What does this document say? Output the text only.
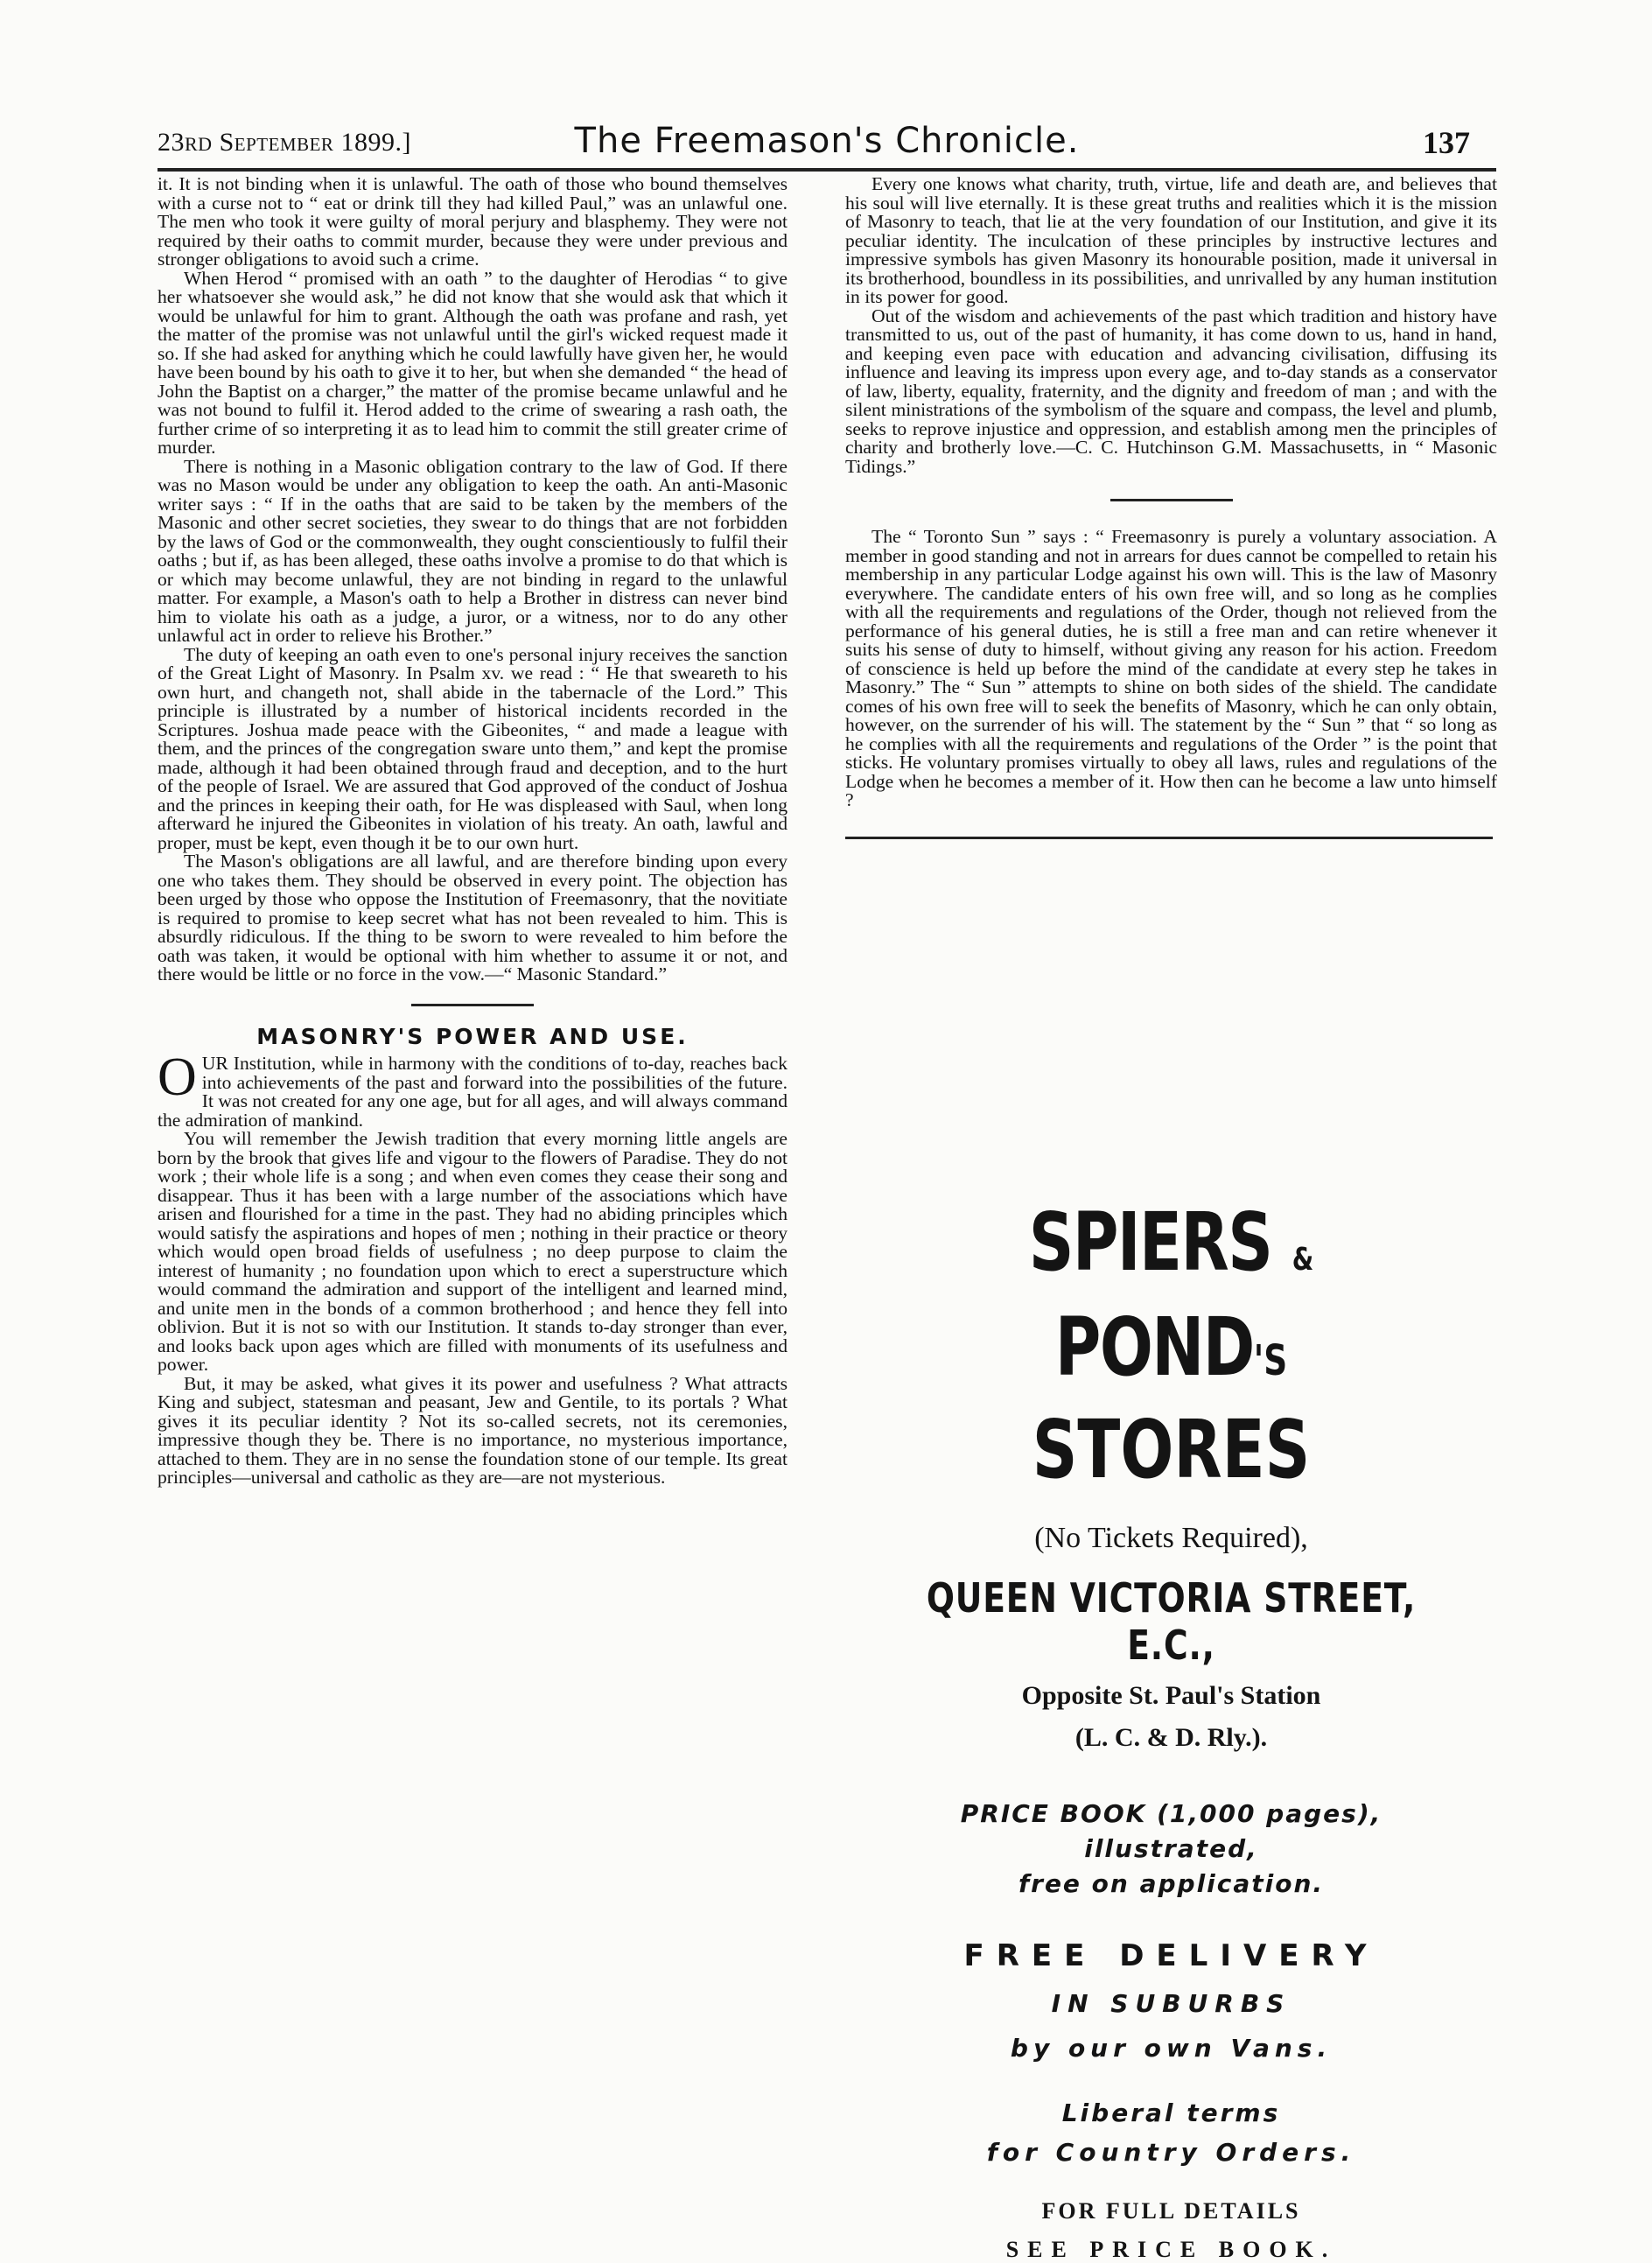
23RD September 1899.]	The Freemason's Chronicle.	137

it. It is not binding when it is unlawful. The oath of those who bound themselves with a curse not to “ eat or drink till they had killed Paul,” was an unlawful one. The men who took it were guilty of moral perjury and blasphemy. They were not required by their oaths to commit murder, because they were under previous and stronger obligations to avoid such a crime.

When Herod “ promised with an oath ” to the daughter of Herodias “ to give her whatsoever she would ask,” he did not know that she would ask that which it would be unlawful for him to grant. Although the oath was profane and rash, yet the matter of the promise was not unlawful until the girl's wicked request made it so. If she had asked for anything which he could lawfully have given her, he would have been bound by his oath to give it to her, but when she demanded “ the head of John the Baptist on a charger,” the matter of the promise became unlawful and he was not bound to fulfil it. Herod added to the crime of swearing a rash oath, the further crime of so interpreting it as to lead him to commit the still greater crime of murder.

There is nothing in a Masonic obligation contrary to the law of God. If there was no Mason would be under any obligation to keep the oath. An anti-Masonic writer says : “ If in the oaths that are said to be taken by the members of the Masonic and other secret societies, they swear to do things that are not forbidden by the laws of God or the commonwealth, they ought conscientiously to fulfil their oaths ; but if, as has been alleged, these oaths involve a promise to do that which is or which may become unlawful, they are not binding in regard to the unlawful matter. For example, a Mason's oath to help a Brother in distress can never bind him to violate his oath as a judge, a juror, or a witness, nor to do any other unlawful act in order to relieve his Brother.”

The duty of keeping an oath even to one's personal injury receives the sanction of the Great Light of Masonry. In Psalm xv. we read : “ He that sweareth to his own hurt, and changeth not, shall abide in the tabernacle of the Lord.” This principle is illustrated by a number of historical incidents recorded in the Scriptures. Joshua made peace with the Gibeonites, “ and made a league with them, and the princes of the congregation sware unto them,” and kept the promise made, although it had been obtained through fraud and deception, and to the hurt of the people of Israel. We are assured that God approved of the conduct of Joshua and the princes in keeping their oath, for He was displeased with Saul, when long afterward he injured the Gibeonites in violation of his treaty. An oath, lawful and proper, must be kept, even though it be to our own hurt.

The Mason's obligations are all lawful, and are therefore binding upon every one who takes them. They should be observed in every point. The objection has been urged by those who oppose the Institution of Freemasonry, that the novitiate is required to promise to keep secret what has not been revealed to him. This is absurdly ridiculous. If the thing to be sworn to were revealed to him before the oath was taken, it would be optional with him whether to assume it or not, and there would be little or no force in the vow.—“ Masonic Standard.”

MASONRY'S POWER AND USE.

OUR Institution, while in harmony with the conditions of to-day, reaches back into achievements of the past and forward into the possibilities of the future. It was not created for any one age, but for all ages, and will always command the admiration of mankind.

You will remember the Jewish tradition that every morning little angels are born by the brook that gives life and vigour to the flowers of Paradise. They do not work ; their whole life is a song ; and when even comes they cease their song and disappear. Thus it has been with a large number of the associations which have arisen and flourished for a time in the past. They had no abiding principles which would satisfy the aspirations and hopes of men ; nothing in their practice or theory which would open broad fields of usefulness ; no deep purpose to claim the interest of humanity ; no foundation upon which to erect a superstructure which would command the admiration and support of the intelligent and learned mind, and unite men in the bonds of a common brotherhood ; and hence they fell into oblivion. But it is not so with our Institution. It stands to-day stronger than ever, and looks back upon ages which are filled with monuments of its usefulness and power.

But, it may be asked, what gives it its power and usefulness ? What attracts King and subject, statesman and peasant, Jew and Gentile, to its portals ? What gives it its peculiar identity ? Not its so-called secrets, not its ceremonies, impressive though they be. There is no importance, no mysterious importance, attached to them. They are in no sense the foundation stone of our temple. Its great principles—universal and catholic as they are—are not mysterious.

Every one knows what charity, truth, virtue, life and death are, and believes that his soul will live eternally. It is these great truths and realities which it is the mission of Masonry to teach, that lie at the very foundation of our Institution, and give it its peculiar identity. The inculcation of these principles by instructive lectures and impressive symbols has given Masonry its honourable position, made it universal in its brotherhood, boundless in its possibilities, and unrivalled by any human institution in its power for good.

Out of the wisdom and achievements of the past which tradition and history have transmitted to us, out of the past of humanity, it has come down to us, hand in hand, and keeping even pace with education and advancing civilisation, diffusing its influence and leaving its impress upon every age, and to-day stands as a conservator of law, liberty, equality, fraternity, and the dignity and freedom of man ; and with the silent ministrations of the symbolism of the square and compass, the level and plumb, seeks to reprove injustice and oppression, and establish among men the principles of charity and brotherly love.—C. C. Hutchinson G.M. Massachusetts, in “ Masonic Tidings.”

The “ Toronto Sun ” says : “ Freemasonry is purely a voluntary association. A member in good standing and not in arrears for dues cannot be compelled to retain his membership in any particular Lodge against his own will. This is the law of Masonry everywhere. The candidate enters of his own free will, and so long as he complies with all the requirements and regulations of the Order, though not relieved from the performance of his general duties, he is still a free man and can retire whenever it suits his sense of duty to himself, without giving any reason for his action. Freedom of conscience is held up before the mind of the candidate at every step he takes in Masonry.” The “ Sun ” attempts to shine on both sides of the shield. The candidate comes of his own free will to seek the benefits of Masonry, which he can only obtain, however, on the surrender of his will. The statement by the “ Sun ” that “ so long as he complies with all the requirements and regulations of the Order ” is the point that sticks. He voluntary promises virtually to obey all laws, rules and regulations of the Lodge when he becomes a member of it. How then can he become a law unto himself ?

SPIERS & POND'S
STORES
(No Tickets Required),
QUEEN VICTORIA STREET, E.C.,
Opposite St. Paul's Station
(L. C. & D. Rly.).
PRICE BOOK (1,000 pages),
illustrated,
free on application.
FREE DELIVERY
IN SUBURBS
by our own Vans.
Liberal terms
for Country Orders.
FOR FULL DETAILS
SEE PRICE BOOK.
